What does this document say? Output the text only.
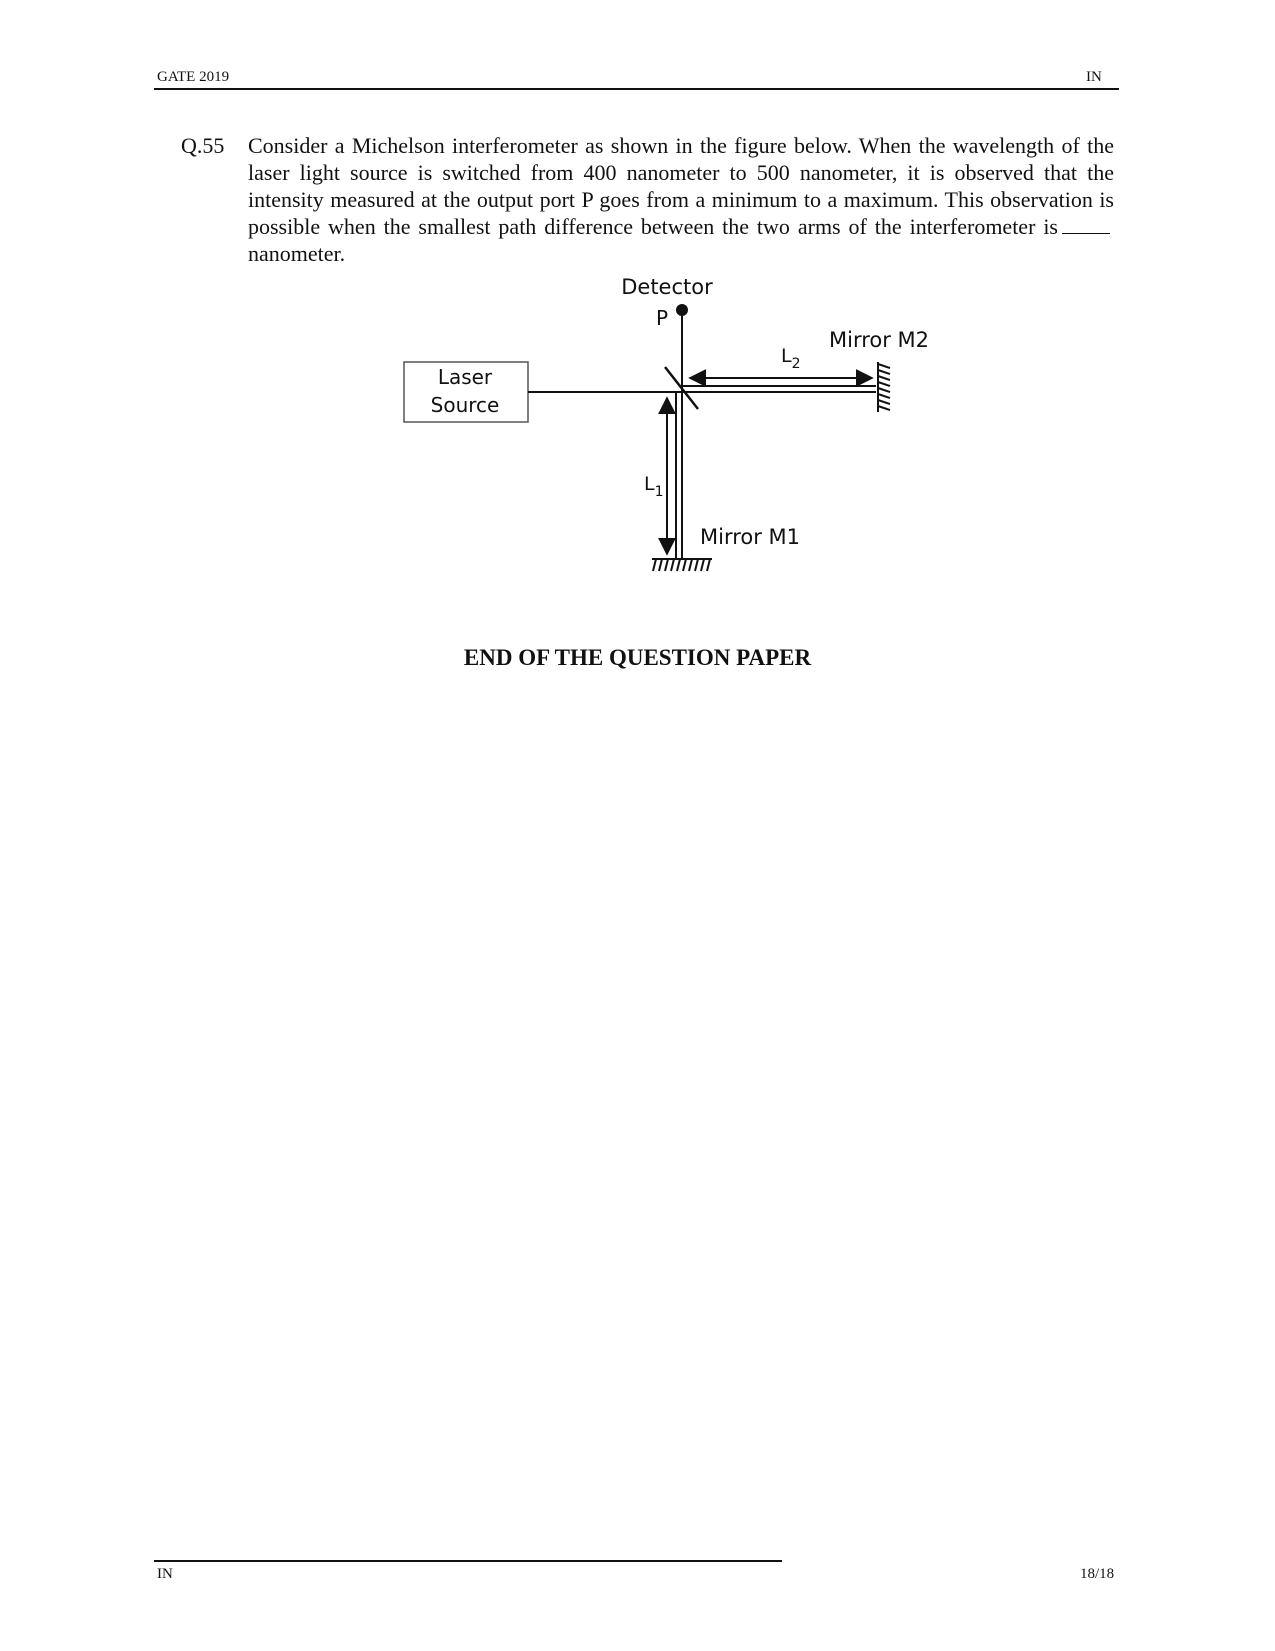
GATE 2019	IN
Q.55 Consider a Michelson interferometer as shown in the figure below. When the wavelength of the laser light source is switched from 400 nanometer to 500 nanometer, it is observed that the intensity measured at the output port P goes from a minimum to a maximum. This observation is possible when the smallest path difference between the two arms of the interferometer isnanometer.
Detector
P
Laser
Source
$L_2$
Mirror M2
$L_1$
Mirror M1
END OF THE QUESTION PAPER
IN	18/18
